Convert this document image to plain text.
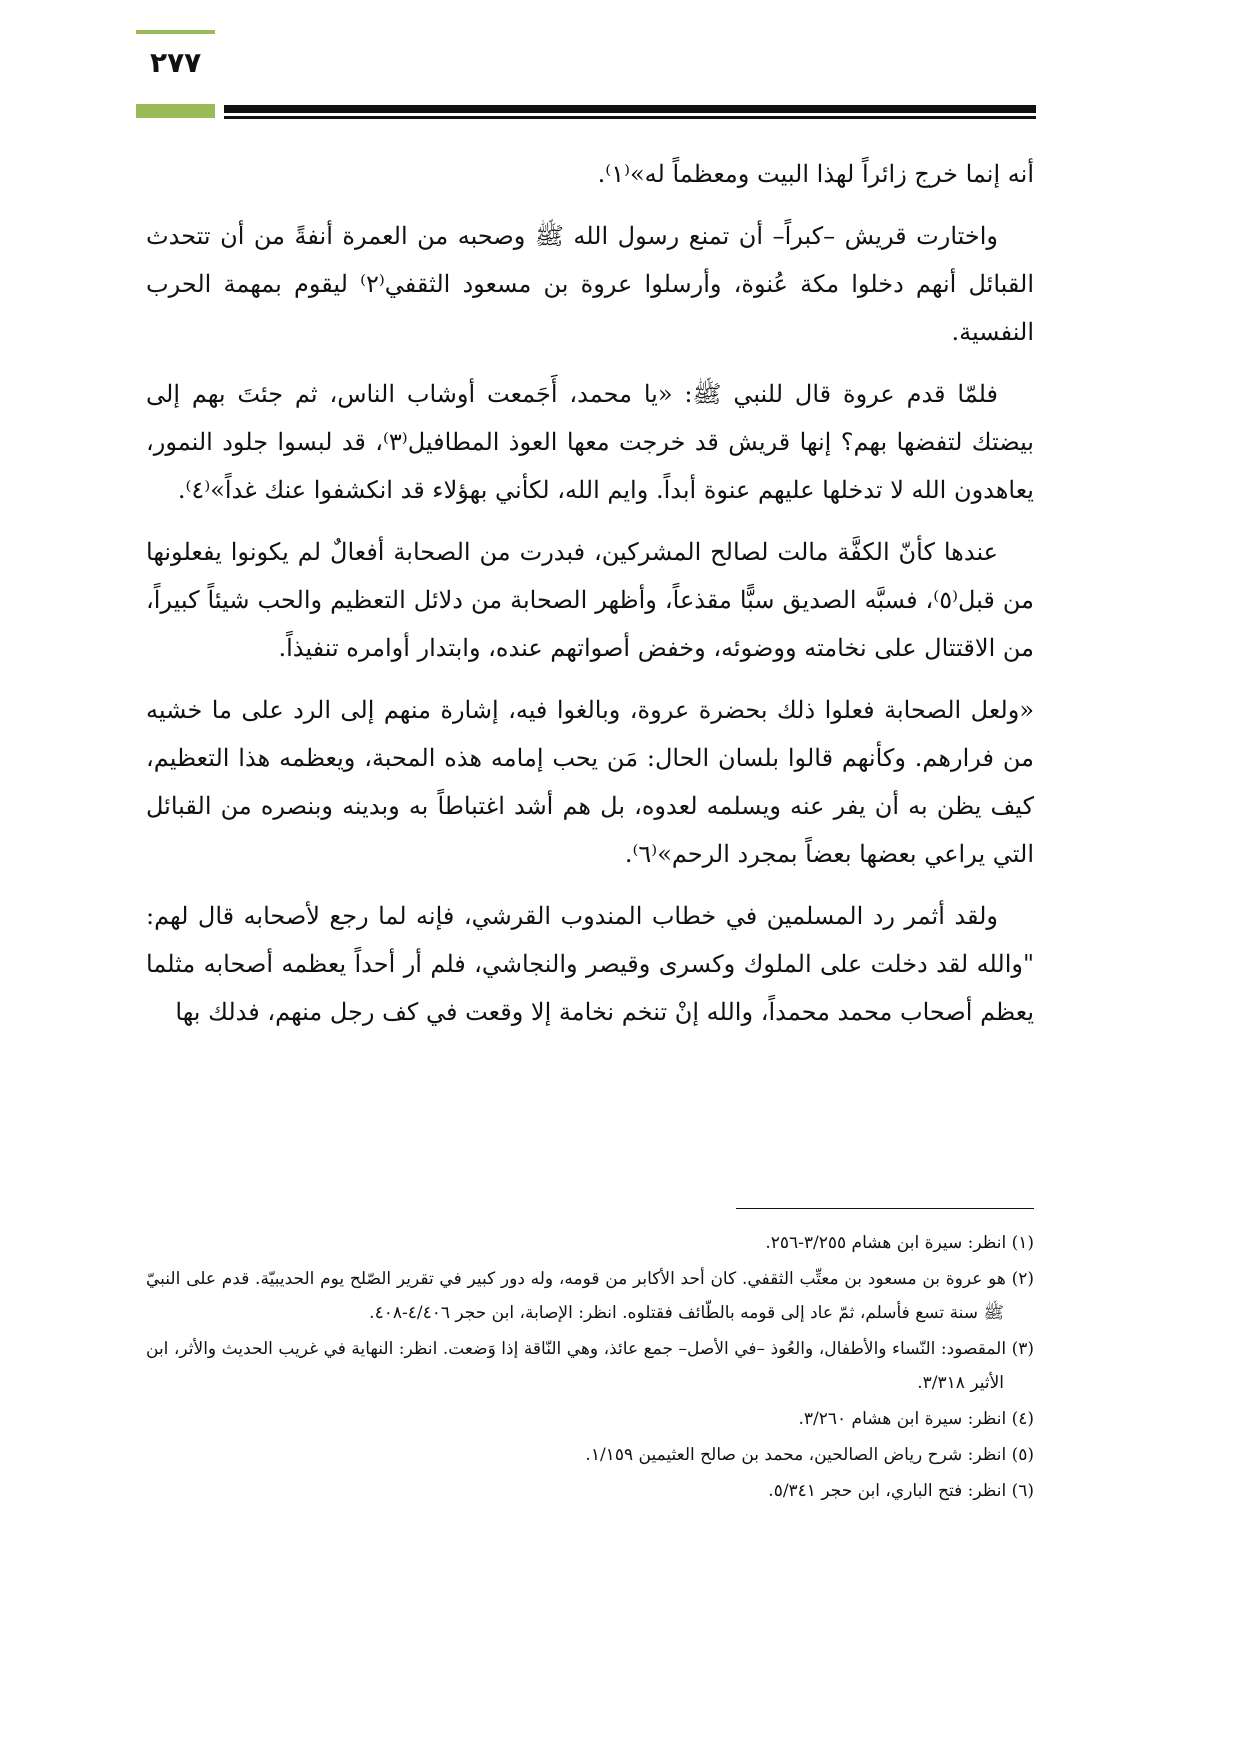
٢٧٧

أنه إنما خرج زائراً لهذا البيت ومعظماً له»⁽١⁾.

واختارت قريش –كبراً– أن تمنع رسول الله ﷺ وصحبه من العمرة أنفةً من أن تتحدث القبائل أنهم دخلوا مكة عُنوة، وأرسلوا عروة بن مسعود الثقفي⁽٢⁾ ليقوم بمهمة الحرب النفسية.

فلمّا قدم عروة قال للنبي ﷺ: «يا محمد، أَجَمعت أوشاب الناس، ثم جئتَ بهم إلى بيضتك لتفضها بهم؟ إنها قريش قد خرجت معها العوذ المطافيل⁽٣⁾، قد لبسوا جلود النمور، يعاهدون الله لا تدخلها عليهم عنوة أبداً. وايم الله، لكأني بهؤلاء قد انكشفوا عنك غداً»⁽٤⁾.

عندها كأنّ الكفَّة مالت لصالح المشركين، فبدرت من الصحابة أفعالٌ لم يكونوا يفعلونها من قبل⁽٥⁾، فسبَّه الصديق سبًّا مقذعاً، وأظهر الصحابة من دلائل التعظيم والحب شيئاً كبيراً، من الاقتتال على نخامته ووضوئه، وخفض أصواتهم عنده، وابتدار أوامره تنفيذاً.

«ولعل الصحابة فعلوا ذلك بحضرة عروة، وبالغوا فيه، إشارة منهم إلى الرد على ما خشيه من فرارهم. وكأنهم قالوا بلسان الحال: مَن يحب إمامه هذه المحبة، ويعظمه هذا التعظيم، كيف يظن به أن يفر عنه ويسلمه لعدوه، بل هم أشد اغتباطاً به وبدينه وبنصره من القبائل التي يراعي بعضها بعضاً بمجرد الرحم»⁽٦⁾.

ولقد أثمر رد المسلمين في خطاب المندوب القرشي، فإنه لما رجع لأصحابه قال لهم: "والله لقد دخلت على الملوك وكسرى وقيصر والنجاشي، فلم أر أحداً يعظمه أصحابه مثلما يعظم أصحاب محمد محمداً، والله إنْ تنخم نخامة إلا وقعت في كف رجل منهم، فدلك بها

(١) انظر: سيرة ابن هشام ٣/٢٥٥-٢٥٦.
(٢) هو عروة بن مسعود بن معتِّب الثقفي. كان أحد الأكابر من قومه، وله دور كبير في تقرير الصّلح يوم الحديبيّة. قدم على النبيّ ﷺ سنة تسع فأسلم، ثمّ عاد إلى قومه بالطّائف فقتلوه. انظر: الإصابة، ابن حجر ٤/٤٠٦-٤٠٨.
(٣) المقصود: النّساء والأطفال، والعُوذ –في الأصل– جمع عائذ، وهي النّاقة إذا وَضعت. انظر: النهاية في غريب الحديث والأثر، ابن الأثير ٣/٣١٨.
(٤) انظر: سيرة ابن هشام ٣/٢٦٠.
(٥) انظر: شرح رياض الصالحين، محمد بن صالح العثيمين ١/١٥٩.
(٦) انظر: فتح الباري، ابن حجر ٥/٣٤١.
